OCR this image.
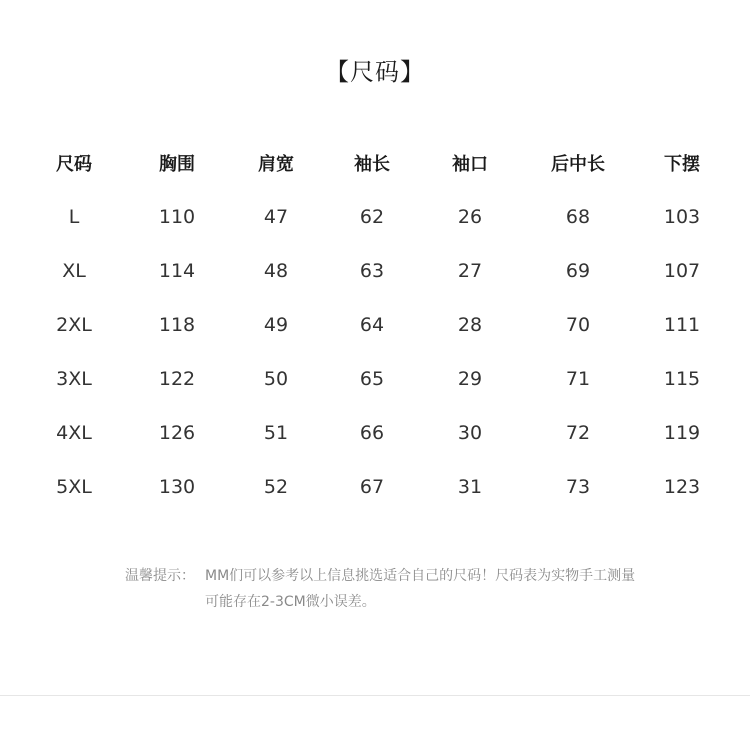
【尺码】
尺码	胸围	肩宽	袖长	袖口	后中长	下摆
L	110	47	62	26	68	103
XL	114	48	63	27	69	107
2XL	118	49	64	28	70	111
3XL	122	50	65	29	71	115
4XL	126	51	66	30	72	119
5XL	130	52	67	31	73	123
温馨提示： MM们可以参考以上信息挑选适合自己的尺码！尺码表为实物手工测量
可能存在2-3CM微小误差。
